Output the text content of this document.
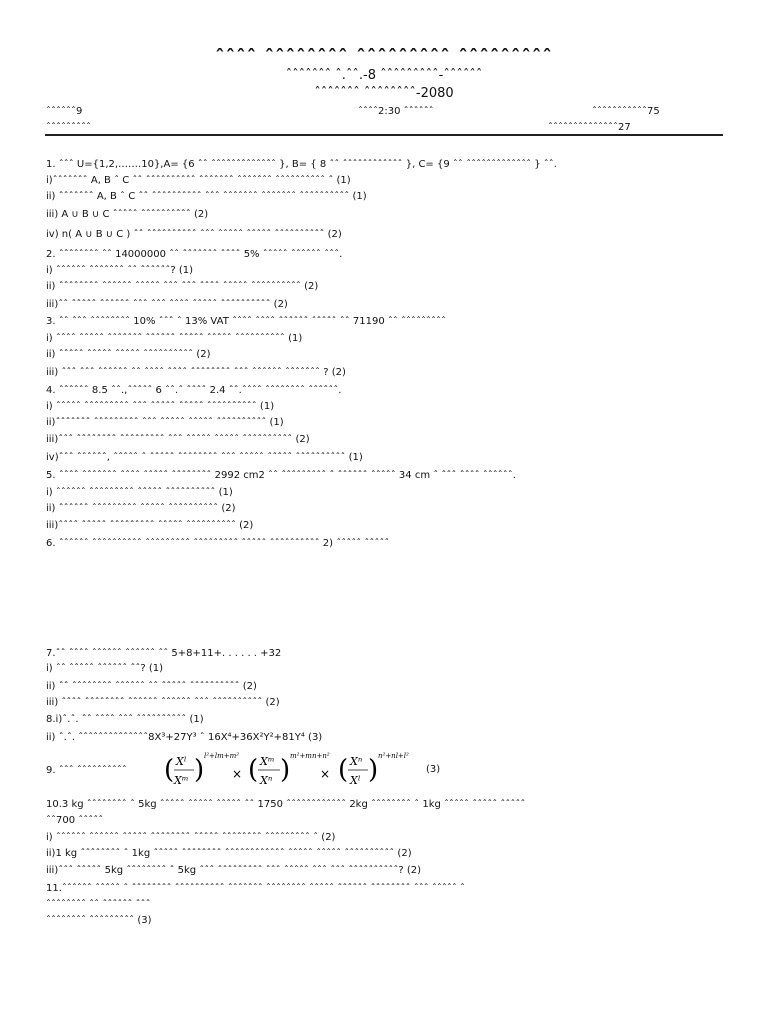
ˆˆˆˆ ˆˆˆˆˆˆˆˆ ˆˆˆˆˆˆˆˆˆ ˆˆˆˆˆˆˆˆˆ
ˆˆˆˆˆˆˆ ˆ.ˆˆ.-8 ˆˆˆˆˆˆˆˆˆ-ˆˆˆˆˆˆ
ˆˆˆˆˆˆˆ ˆˆˆˆˆˆˆˆ-2080
ˆˆˆˆˆˆ9
ˆˆˆˆˆˆˆˆˆ
ˆˆˆˆ2:30 ˆˆˆˆˆˆ	ˆˆˆˆˆˆˆˆˆˆˆ75
ˆˆˆˆˆˆˆˆˆˆˆˆˆˆ27
1. ˆˆˆ U={1,2,…….10},A= {6 ˆˆ ˆˆˆˆˆˆˆˆˆˆˆˆˆ }, B= { 8 ˆˆ ˆˆˆˆˆˆˆˆˆˆˆˆ }, C= {9 ˆˆ ˆˆˆˆˆˆˆˆˆˆˆˆˆ } ˆˆ.
i)ˆˆˆˆˆˆˆ A, B ˆ C ˆˆ ˆˆˆˆˆˆˆˆˆˆ ˆˆˆˆˆˆˆ ˆˆˆˆˆˆˆ ˆˆˆˆˆˆˆˆˆˆ ˆ (1)
ii) ˆˆˆˆˆˆˆ A, B ˆ C ˆˆ ˆˆˆˆˆˆˆˆˆˆ ˆˆˆ ˆˆˆˆˆˆˆ ˆˆˆˆˆˆˆ ˆˆˆˆˆˆˆˆˆˆ (1)
iii) A ∪ B ∪ C ˆˆˆˆˆ ˆˆˆˆˆˆˆˆˆˆ (2)
iv) n( A ∪ B ∪ C ) ˆˆ ˆˆˆˆˆˆˆˆˆˆ ˆˆˆ ˆˆˆˆˆ ˆˆˆˆˆ ˆˆˆˆˆˆˆˆˆˆ (2)
2. ˆˆˆˆˆˆˆˆ ˆˆ 14000000 ˆˆ ˆˆˆˆˆˆˆ ˆˆˆˆ 5% ˆˆˆˆˆ ˆˆˆˆˆˆ ˆˆˆ.
i) ˆˆˆˆˆˆ ˆˆˆˆˆˆˆ ˆˆ ˆˆˆˆˆˆ? (1)
ii) ˆˆˆˆˆˆˆˆ ˆˆˆˆˆˆ ˆˆˆˆˆ ˆˆˆ ˆˆˆ ˆˆˆˆ ˆˆˆˆˆ ˆˆˆˆˆˆˆˆˆˆ (2)
iii)ˆˆ ˆˆˆˆˆ ˆˆˆˆˆˆ ˆˆˆ ˆˆˆ ˆˆˆˆ ˆˆˆˆˆ ˆˆˆˆˆˆˆˆˆˆ (2)
3. ˆˆ ˆˆˆ ˆˆˆˆˆˆˆˆ 10% ˆˆˆ ˆ 13% VAT ˆˆˆˆ ˆˆˆˆ ˆˆˆˆˆˆ ˆˆˆˆˆ ˆˆ 71190 ˆˆ ˆˆˆˆˆˆˆˆˆ
i) ˆˆˆˆ ˆˆˆˆˆ ˆˆˆˆˆˆˆ ˆˆˆˆˆˆ ˆˆˆˆˆ ˆˆˆˆˆ ˆˆˆˆˆˆˆˆˆˆ (1)
ii) ˆˆˆˆˆ ˆˆˆˆˆ ˆˆˆˆˆ ˆˆˆˆˆˆˆˆˆˆ (2)
iii) ˆˆˆ ˆˆˆ ˆˆˆˆˆˆ ˆˆ ˆˆˆˆ ˆˆˆˆ ˆˆˆˆˆˆˆˆ ˆˆˆ ˆˆˆˆˆˆ ˆˆˆˆˆˆˆ ? (2)
4. ˆˆˆˆˆˆ 8.5 ˆˆ.,ˆˆˆˆˆ 6 ˆˆ.ˆ ˆˆˆˆ 2.4 ˆˆ.ˆˆˆˆ ˆˆˆˆˆˆˆˆ ˆˆˆˆˆˆ.
i) ˆˆˆˆˆ ˆˆˆˆˆˆˆˆˆ ˆˆˆ ˆˆˆˆˆ ˆˆˆˆˆ ˆˆˆˆˆˆˆˆˆˆ (1)
ii)ˆˆˆˆˆˆˆ ˆˆˆˆˆˆˆˆˆ ˆˆˆ ˆˆˆˆˆ ˆˆˆˆˆ ˆˆˆˆˆˆˆˆˆˆ (1)
iii)ˆˆˆ ˆˆˆˆˆˆˆˆ ˆˆˆˆˆˆˆˆˆ ˆˆˆ ˆˆˆˆˆ ˆˆˆˆˆ ˆˆˆˆˆˆˆˆˆˆ (2)
iv)ˆˆˆ ˆˆˆˆˆˆ, ˆˆˆˆˆ ˆ ˆˆˆˆˆ ˆˆˆˆˆˆˆˆ ˆˆˆ ˆˆˆˆˆ ˆˆˆˆˆ ˆˆˆˆˆˆˆˆˆˆ (1)
5. ˆˆˆˆ ˆˆˆˆˆˆˆ ˆˆˆˆ ˆˆˆˆˆ ˆˆˆˆˆˆˆˆ 2992 cm2 ˆˆ ˆˆˆˆˆˆˆˆˆ ˆ ˆˆˆˆˆˆ ˆˆˆˆˆ 34 cm ˆ ˆˆˆ ˆˆˆˆ ˆˆˆˆˆˆ.
i) ˆˆˆˆˆˆ ˆˆˆˆˆˆˆˆˆ ˆˆˆˆˆ ˆˆˆˆˆˆˆˆˆˆ (1)
ii) ˆˆˆˆˆˆ ˆˆˆˆˆˆˆˆˆ ˆˆˆˆˆ ˆˆˆˆˆˆˆˆˆˆ (2)
iii)ˆˆˆˆ ˆˆˆˆˆ ˆˆˆˆˆˆˆˆˆ ˆˆˆˆˆ ˆˆˆˆˆˆˆˆˆˆ (2)
6. ˆˆˆˆˆˆ ˆˆˆˆˆˆˆˆˆˆ ˆˆˆˆˆˆˆˆˆ ˆˆˆˆˆˆˆˆˆ ˆˆˆˆˆ ˆˆˆˆˆˆˆˆˆˆ 2) ˆˆˆˆˆ ˆˆˆˆˆ
7.ˆˆ ˆˆˆˆ ˆˆˆˆˆˆ ˆˆˆˆˆˆ ˆˆ 5+8+11+. . . . . . +32
i) ˆˆ ˆˆˆˆˆ ˆˆˆˆˆˆ ˆˆ? (1)
ii) ˆˆ ˆˆˆˆˆˆˆˆ ˆˆˆˆˆˆ ˆˆ ˆˆˆˆˆ ˆˆˆˆˆˆˆˆˆˆ (2)
iii) ˆˆˆˆ ˆˆˆˆˆˆˆˆ ˆˆˆˆˆˆ ˆˆˆˆˆˆ ˆˆˆ ˆˆˆˆˆˆˆˆˆˆ (2)
8.i)ˆ.ˆ. ˆˆ ˆˆˆˆ ˆˆˆ ˆˆˆˆˆˆˆˆˆˆ (1)
ii) ˆ.ˆ. ˆˆˆˆˆˆˆˆˆˆˆˆˆˆ8X³+27Y³ ˆ 16X⁴+36X²Y²+81Y⁴ (3)
10.3 kg ˆˆˆˆˆˆˆˆ ˆ 5kg ˆˆˆˆˆ ˆˆˆˆˆ ˆˆˆˆˆ ˆˆ 1750 ˆˆˆˆˆˆˆˆˆˆˆˆ 2kg ˆˆˆˆˆˆˆˆ ˆ 1kg ˆˆˆˆˆ ˆˆˆˆˆ ˆˆˆˆˆ
ˆˆ700 ˆˆˆˆˆ
i) ˆˆˆˆˆˆ ˆˆˆˆˆˆ ˆˆˆˆˆ ˆˆˆˆˆˆˆˆ ˆˆˆˆˆ ˆˆˆˆˆˆˆˆ ˆˆˆˆˆˆˆˆˆ ˆ (2)
ii)1 kg ˆˆˆˆˆˆˆˆ ˆ 1kg ˆˆˆˆˆ ˆˆˆˆˆˆˆˆ ˆˆˆˆˆˆˆˆˆˆˆˆ ˆˆˆˆˆ ˆˆˆˆˆ ˆˆˆˆˆˆˆˆˆˆ (2)
iii)ˆˆˆ ˆˆˆˆˆ 5kg ˆˆˆˆˆˆˆˆ ˆ 5kg ˆˆˆ ˆˆˆˆˆˆˆˆˆ ˆˆˆ ˆˆˆˆˆ ˆˆˆ ˆˆˆ ˆˆˆˆˆˆˆˆˆˆ? (2)
11.ˆˆˆˆˆˆ ˆˆˆˆˆ ˆ ˆˆˆˆˆˆˆˆ ˆˆˆˆˆˆˆˆˆˆ ˆˆˆˆˆˆˆ ˆˆˆˆˆˆˆˆ ˆˆˆˆˆ ˆˆˆˆˆˆ ˆˆˆˆˆˆˆˆ ˆˆˆ ˆˆˆˆˆ ˆ
ˆˆˆˆˆˆˆˆ ˆˆ ˆˆˆˆˆˆ ˆˆˆ
ˆˆˆˆˆˆˆˆ ˆˆˆˆˆˆˆˆˆ (3)
9. ˆˆˆ ˆˆˆˆˆˆˆˆˆˆ ( Xˡ
Xᵐ ) l²+lm+m²
× ( Xᵐ
Xⁿ ) m²+mn+n²
× ( Xⁿ
Xˡ ) n²+nl+l²
(3)
